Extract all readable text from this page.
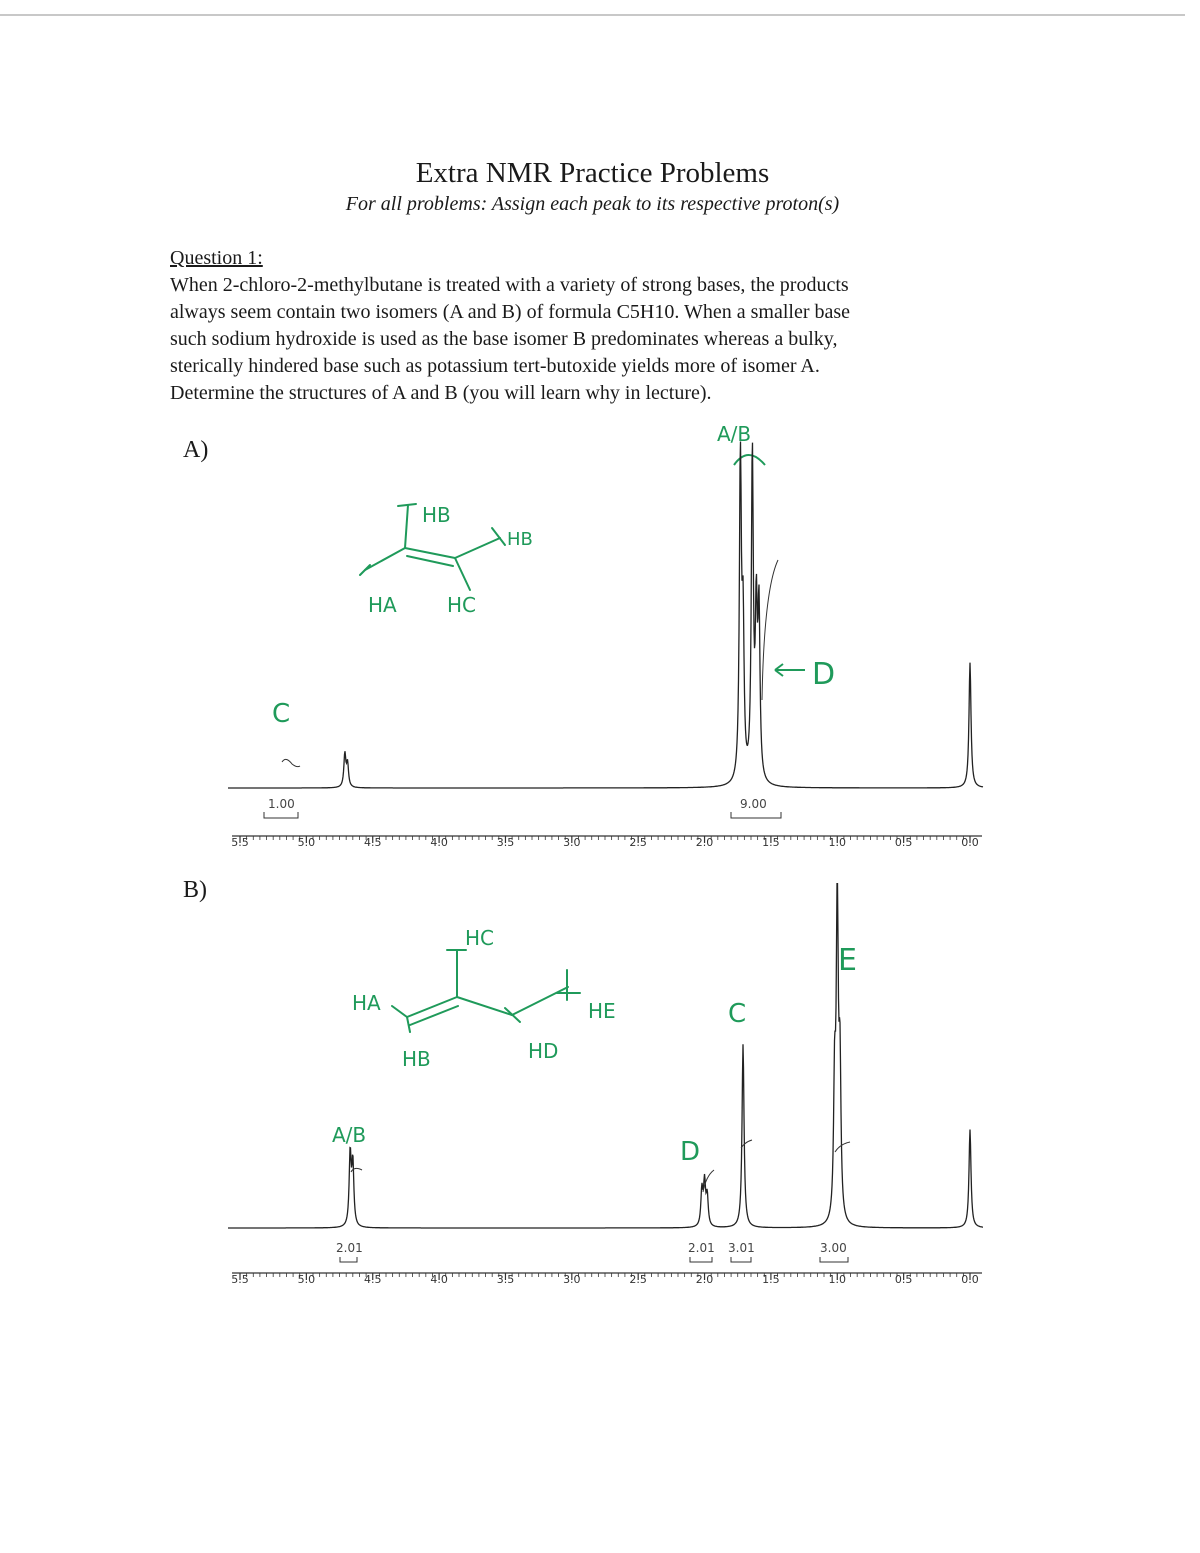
Extra NMR Practice Problems
For all problems: Assign each peak to its respective proton(s)
Question 1:
When 2-chloro-2-methylbutane is treated with a variety of strong bases, the products
always seem contain two isomers (A and B) of formula C5H10. When a smaller base
such sodium hydroxide is used as the base isomer B predominates whereas a bulky,
sterically hindered base such as potassium tert-butoxide yields more of isomer A.
Determine the structures of A and B (you will learn why in lecture).
A)
HB
HB
HA	HC
A/B
C
D
1.00	9.00
5.5	5.0	4.5	4.0	3.5	3.0	2.5	2.0	1.5	1.0	0.5	0.0
B)
HC
HA	HE
HB	HD
A/B
D
C
E
2.01	2.01 3.01	3.00
5.5	5.0	4.5	4.0	3.5	3.0	2.5	2.0	1.5	1.0	0.5	0.0
